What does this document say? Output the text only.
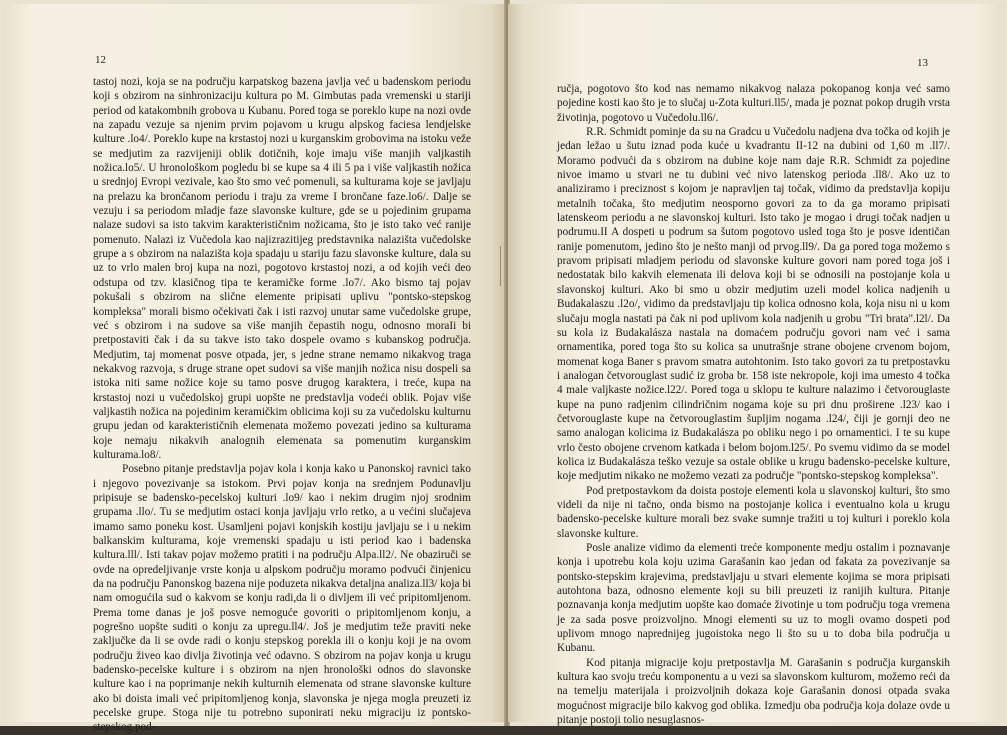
12

tastoj nozi, koja se na području karpatskog bazena javlja već u badenskom periodu koji s obzirom na sinhronizaciju kultura po M. Gimbutas pada vremenski u stariji period od katakombnih grobova u Kubanu. Pored toga se poreklo kupe na nozi ovde na zapadu vezuje sa njenim prvim pojavom u krugu alpskog faciesa lendjelske kulture .lo4/. Poreklo kupe na krstastoj nozi u kurganskim grobovima na istoku veže se medjutim za razvijeniji oblik dotičnih, koje imaju više manjih valjkastih nožica.lo5/. U hronološkom pogledu bi se kupe sa 4 ili 5 pa i više valjkastih nožica u srednjoj Evropi vezivale, kao što smo već pomenuli, sa kulturama koje se javljaju na prelazu ka brončanom periodu i traju za vreme I brončane faze.lo6/. Dalje se vezuju i sa periodom mladje faze slavonske kulture, gde se u pojedinim grupama nalaze sudovi sa isto takvim karakterističnim nožicama, što je isto tako već ranije pomenuto. Nalazi iz Vučedola kao najizrazitijeg predstavnika nalazišta vučedolske grupe a s obzirom na nalazišta koja spadaju u stariju fazu slavonske kulture, dala su uz to vrlo malen broj kupa na nozi, pogotovo krstastoj nozi, a od kojih veći deo odstupa od tzv. klasičnog tipa te keramičke forme .lo7/. Ako bismo taj pojav pokušali s obzirom na slične elemente pripisati uplivu "pontsko-stepskog kompleksa" morali bismo očekivati čak i isti razvoj unutar same vučedolske grupe, već s obzirom i na sudove sa više manjih čepastih nogu, odnosno moraIi bi pretpostaviti čak i da su takve isto tako dospele ovamo s kubanskog područja. Medjutim, taj momenat posve otpada, jer, s jedne strane nemamo nikakvog traga nekakvog razvoja, s druge strane opet sudovi sa više manjih nožica nisu dospeli sa istoka niti same nožice koje su tamo posve drugog karaktera, i treće, kupa na krstastoj nozi u vučedolskoj grupi uopšte ne predstavlja vodeći oblik. Pojav više valjkastih nožica na pojedinim keramičkim oblicima koji su za vučedolsku kulturnu grupu jedan od karakterističnih elemenata možemo povezati jedino sa kulturama koje nemaju nikakvih analognih elemenata sa pomenutim kurganskim kulturama.lo8/.

Posebno pitanje predstavlja pojav kola i konja kako u Panonskoj ravnici tako i njegovo povezivanje sa istokom. Prvi pojav konja na srednjem Podunavlju pripisuje se badensko-pecelskoj kulturi .lo9/ kao i nekim drugim njoj srodnim grupama .llo/. Tu se medjutim ostaci konja javljaju vrlo retko, a u većini slučajeva imamo samo poneku kost. Usamljeni pojavi konjskih kostiju javljaju se i u nekim balkanskim kulturama, koje vremenski spadaju u isti period kao i badenska kultura.lll/. Isti takav pojav možemo pratiti i na području Alpa.ll2/. Ne obaziruči se ovde na opredeljivanje vrste konja u alpskom području moramo podvući činjenicu da na području Panonskog bazena nije poduzeta nikakva detaljna analiza.ll3/ koja bi nam omogućila sud o kakvom se konju radi,da li o divljem ili već pripitomljenom. Prema tome danas je još posve nemoguće govoriti o pripitomljenom konju, a pogrešno uopšte suditi o konju za upregu.ll4/. Još je medjutim teže praviti neke zaključke da li se ovde radi o konju stepskog porekla ili o konju koji je na ovom području živeo kao divlja životinja već odavno. S obzirom na pojav konja u krugu badensko-pecelske kulture i s obzirom na njen hronološki odnos do slavonske kulture kao i na poprimanje nekih kulturnih elemenata od strane slavonske kulture ako bi doista imali već pripitomljenog konja, slavonska je njega mogla preuzeti iz pecelske grupe. Stoga nije tu potrebno suponirati neku migraciju iz pontsko-stepskog pod-

13

ručja, pogotovo što kod nas nemamo nikakvog nalaza pokopanog konja već samo pojedine kosti kao što je to slučaj u-Zota kulturi.ll5/, mada je poznat pokop drugih vrsta životinja, pogotovo u Vučedolu.ll6/.

R.R. Schmidt pominje da su na Gradcu u Vučedolu nadjena dva točka od kojih je jedan ležao u šutu iznad poda kuće u kvadrantu II-12 na dubini od 1,60 m .ll7/. Moramo podvući da s obzirom na dubine koje nam daje R.R. Schmidt za pojedine nivoe imamo u stvari ne tu dubini već nivo latenskog perioda .ll8/. Ako uz to analiziramo i preciznost s kojom je napravljen taj točak, vidimo da predstavlja kopiju metalnih točaka, što medjutim neosporno govori za to da ga moramo pripisati latenskeom periodu a ne slavonskoj kulturi. Isto tako je mogao i drugi točak nadjen u podrumu.II A dospeti u podrum sa šutom pogotovo usled toga što je posve identičan ranije pomenutom, jedino što je nešto manji od prvog.ll9/. Da ga pored toga možemo s pravom pripisati mladjem periodu od slavonske kulture govori nam pored toga još i nedostatak bilo kakvih elemenata ili delova koji bi se odnosili na postojanje kola u slavonskoj kulturi. Ako bi smo u obzir medjutim uzeli model kolica nadjenih u Budakalaszu .l2o/, vidimo da predstavljaju tip kolica odnosno kola, koja nisu ni u kom slučaju mogla nastati pa čak ni pod uplivom kola nadjenih u grobu "Tri brata".l2l/. Da su kola iz Budakalásza nastala na domaćem području govori nam već i sama ornamentika, pored toga što su kolica sa unutrašnje strane obojene crvenom bojom, momenat koga Baner s pravom smatra autohtonim. Isto tako govori za tu pretpostavku i analogan četvorouglast sudić iz groba br. 158 iste nekropole, koji ima umesto 4 točka 4 male valjkaste nožice.l22/. Pored toga u sklopu te kulture nalazimo i četvorouglaste kupe na puno radjenim cilindričnim nogama koje su pri dnu proširene .l23/ kao i četvorouglaste kupe na četvorouglastim šupljim nogama .l24/, čiji je gornji deo ne samo analogan kolicima iz Budakalásza po obliku nego i po ornamentici. I te su kupe vrlo često obojene crvenom katkada i belom bojom.l25/. Po svemu vidimo da se model kolica iz Budakalásza teško vezuje sa ostale oblike u krugu badensko-pecelske kulture, koje medjutim nikako ne možemo vezati za područje "pontsko-stepskog kompleksa".

Pod pretpostavkom da doista postoje elementi kola u slavonskoj kulturi, što smo videli da nije ni tačno, onda bismo na postojanje kolica i eventualno kola u krugu badensko-pecelske kulture morali bez svake sumnje tražiti u toj kulturi i poreklo kola slavonske kulture.

Posle analize vidimo da elementi treće komponente medju ostalim i poznavanje konja i upotrebu kola koju uzima Garašanin kao jedan od fakata za povezivanje sa pontsko-stepskim krajevima, predstavljaju u stvari elemente kojima se mora pripisati autohtona baza, odnosno elemente koji su bili preuzeti iz ranijih kultura. Pitanje poznavanja konja medjutim uopšte kao domaće životinje u tom području toga vremena je za sada posve proizvoljno. Mnogi elementi su uz to mogli ovamo dospeti pod uplivom mnogo naprednijeg jugoistoka nego li što su u to doba bila područja u Kubanu.

Kod pitanja migracije koju pretpostavlja M. Garašanin s područja kurganskih kultura kao svoju treću komponentu a u vezi sa slavonskom kulturom, možemo reći da na temelju materijala i proizvoljnih dokaza koje Garašanin donosi otpada svaka mogućnost migracije bilo kakvog god oblika. Izmedju oba područja koja dolaze ovde u pitanje postoji tolio nesuglasnos-
